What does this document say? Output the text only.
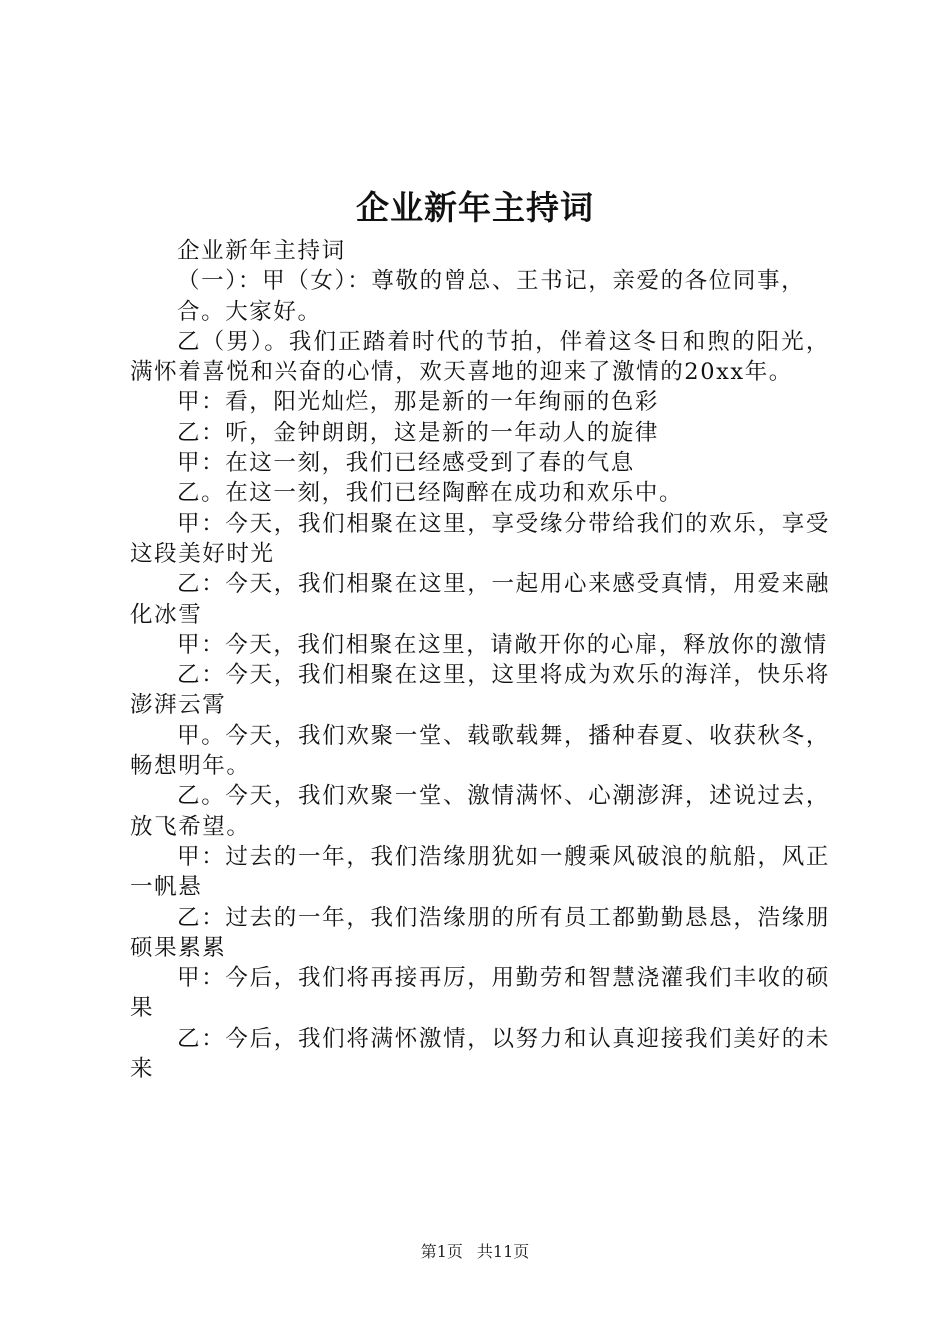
企业新年主持词

企业新年主持词

（一）：甲（女）：尊敬的曾总、王书记，亲爱的各位同事，

合。大家好。

乙（男）。我们正踏着时代的节拍，伴着这冬日和煦的阳光，满怀着喜悦和兴奋的心情，欢天喜地的迎来了激情的20xx年。

甲：看，阳光灿烂，那是新的一年绚丽的色彩

乙：听，金钟朗朗，这是新的一年动人的旋律

甲：在这一刻，我们已经感受到了春的气息

乙。在这一刻，我们已经陶醉在成功和欢乐中。

甲：今天，我们相聚在这里，享受缘分带给我们的欢乐，享受这段美好时光

乙：今天，我们相聚在这里，一起用心来感受真情，用爱来融化冰雪

甲：今天，我们相聚在这里，请敞开你的心扉，释放你的激情

乙：今天，我们相聚在这里，这里将成为欢乐的海洋，快乐将澎湃云霄

甲。今天，我们欢聚一堂、载歌载舞，播种春夏、收获秋冬，畅想明年。

乙。今天，我们欢聚一堂、激情满怀、心潮澎湃，述说过去，放飞希望。

甲：过去的一年，我们浩缘朋犹如一艘乘风破浪的航船，风正一帆悬

乙：过去的一年，我们浩缘朋的所有员工都勤勤恳恳，浩缘朋硕果累累

甲：今后，我们将再接再厉，用勤劳和智慧浇灌我们丰收的硕果

乙：今后，我们将满怀激情，以努力和认真迎接我们美好的未来

第1页 共11页
